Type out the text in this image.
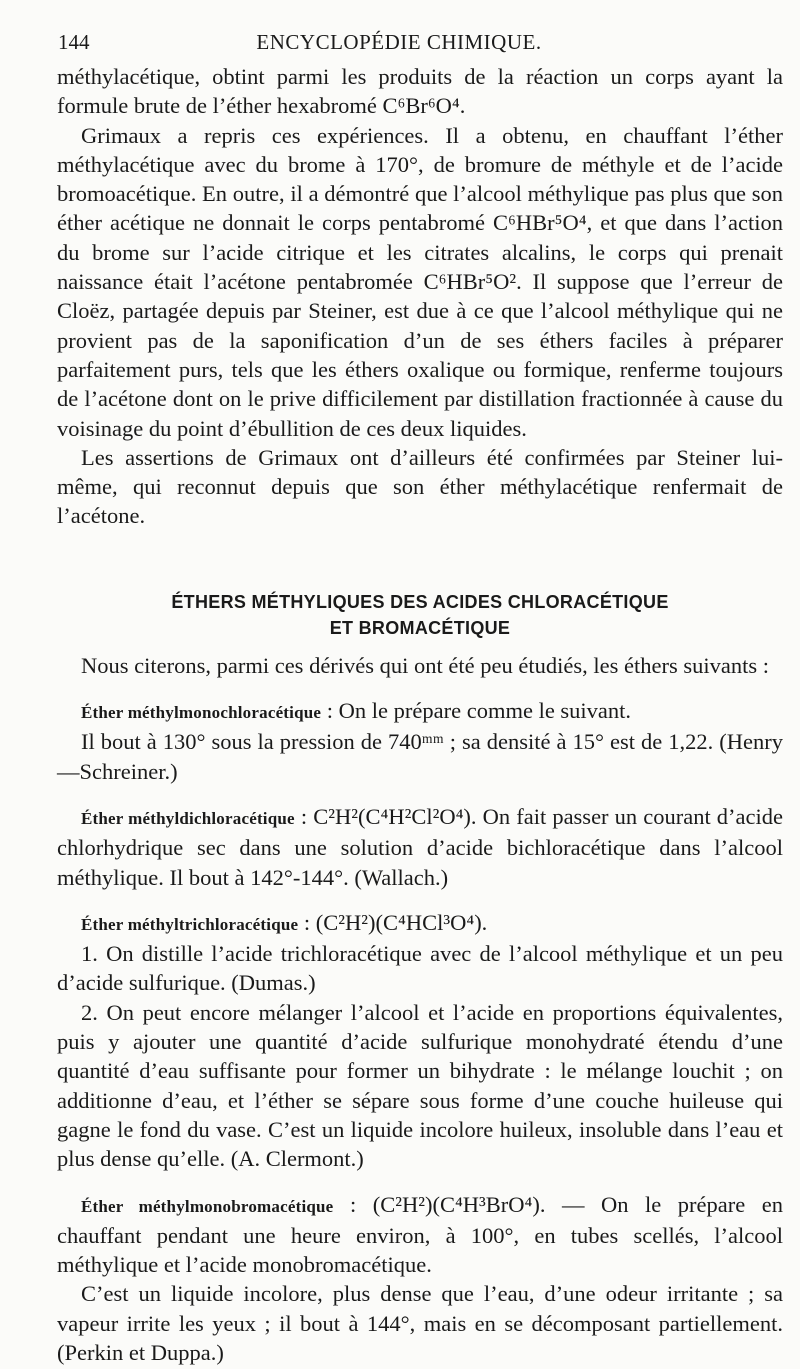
144	ENCYCLOPÉDIE CHIMIQUE.

méthylacétique, obtint parmi les produits de la réaction un corps ayant la formule brute de l’éther hexabromé C⁶Br⁶O⁴.

Grimaux a repris ces expériences. Il a obtenu, en chauffant l’éther méthylacétique avec du brome à 170°, de bromure de méthyle et de l’acide bromoacétique. En outre, il a démontré que l’alcool méthylique pas plus que son éther acétique ne donnait le corps pentabromé C⁶HBr⁵O⁴, et que dans l’action du brome sur l’acide citrique et les citrates alcalins, le corps qui prenait naissance était l’acétone pentabromée C⁶HBr⁵O². Il suppose que l’erreur de Cloëz, partagée depuis par Steiner, est due à ce que l’alcool méthylique qui ne provient pas de la saponification d’un de ses éthers faciles à préparer parfaitement purs, tels que les éthers oxalique ou formique, renferme toujours de l’acétone dont on le prive difficilement par distillation fractionnée à cause du voisinage du point d’ébullition de ces deux liquides.

Les assertions de Grimaux ont d’ailleurs été confirmées par Steiner lui-même, qui reconnut depuis que son éther méthylacétique renfermait de l’acétone.

ÉTHERS MÉTHYLIQUES DES ACIDES CHLORACÉTIQUE
ET BROMACÉTIQUE

Nous citerons, parmi ces dérivés qui ont été peu étudiés, les éthers suivants :

Éther méthylmonochloracétique : On le prépare comme le suivant.

Il bout à 130° sous la pression de 740ᵐᵐ ; sa densité à 15° est de 1,22. (Henry—Schreiner.)

Éther méthyldichloracétique : C²H²(C⁴H²Cl²O⁴). On fait passer un courant d’acide chlorhydrique sec dans une solution d’acide bichloracétique dans l’alcool méthylique. Il bout à 142°-144°. (Wallach.)

Éther méthyltrichloracétique : (C²H²)(C⁴HCl³O⁴).

1. On distille l’acide trichloracétique avec de l’alcool méthylique et un peu d’acide sulfurique. (Dumas.)

2. On peut encore mélanger l’alcool et l’acide en proportions équivalentes, puis y ajouter une quantité d’acide sulfurique monohydraté étendu d’une quantité d’eau suffisante pour former un bihydrate : le mélange louchit ; on additionne d’eau, et l’éther se sépare sous forme d’une couche huileuse qui gagne le fond du vase. C’est un liquide incolore huileux, insoluble dans l’eau et plus dense qu’elle. (A. Clermont.)

Éther méthylmonobromacétique : (C²H²)(C⁴H³BrO⁴). — On le prépare en chauffant pendant une heure environ, à 100°, en tubes scellés, l’alcool méthylique et l’acide monobromacétique.

C’est un liquide incolore, plus dense que l’eau, d’une odeur irritante ; sa vapeur irrite les yeux ; il bout à 144°, mais en se décomposant partiellement. (Perkin et Duppa.)
